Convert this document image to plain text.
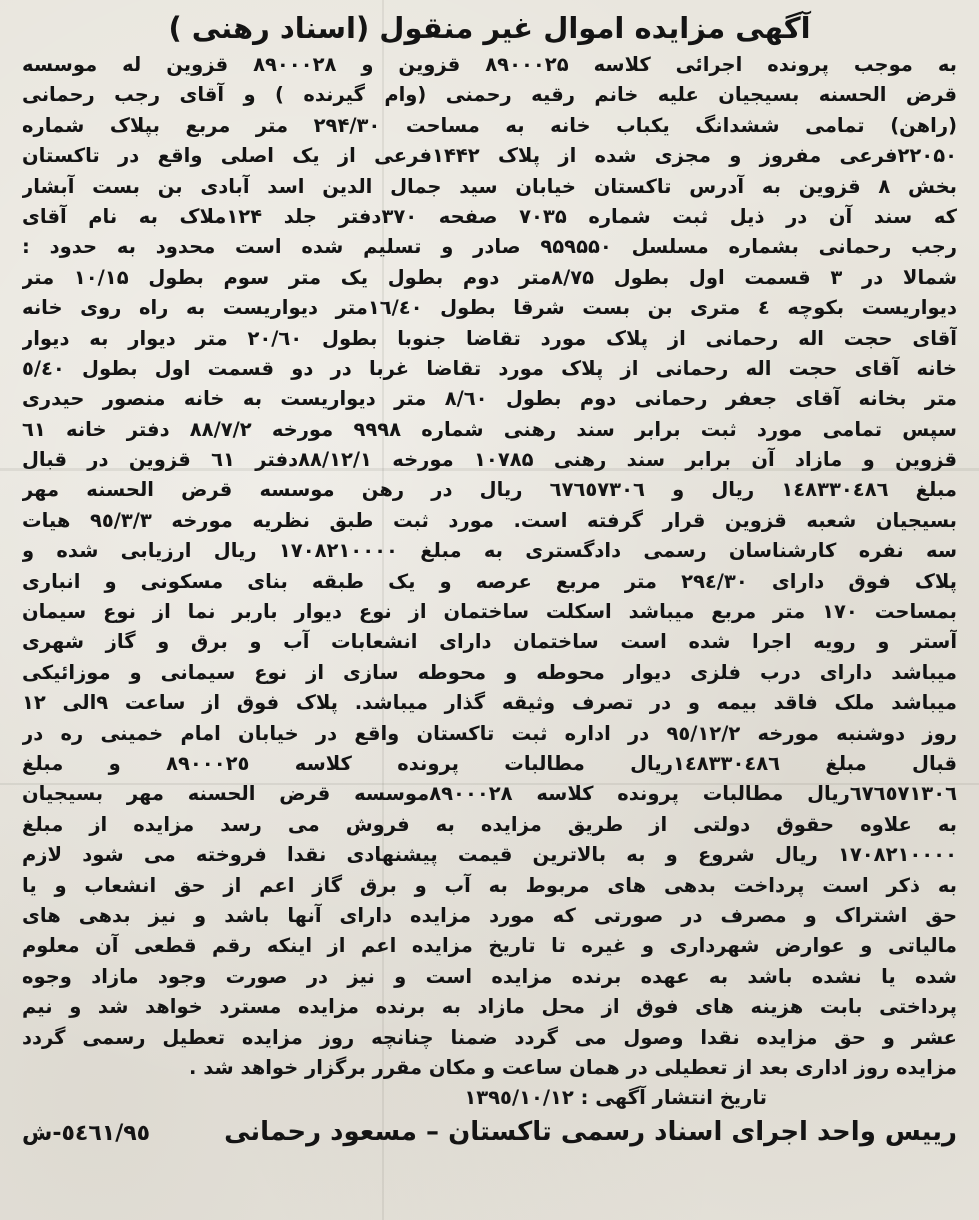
آگهی مزایده اموال غیر منقول (اسناد رهنی )
به موجب پرونده اجرائی کلاسه ۸۹۰۰۰۲۵ قزوین و ۸۹۰۰۰۲۸ قزوین له موسسه
قرض الحسنه بسیجیان علیه خانم رقیه رحمنی (وام گیرنده ) و آقای رجب رحمانی
(راهن) تمامی ششدانگ یکباب خانه به مساحت ۲۹۴/۳۰ متر مربع بپلاک شماره
۲۲۰۵۰فرعی مفروز و مجزی شده از پلاک ۱۴۴۲فرعی از یک اصلی واقع در تاکستان
بخش ۸ قزوین به آدرس تاکستان خیابان سید جمال الدین اسد آبادی بن بست آبشار
که سند آن در ذیل ثبت شماره ۷۰۳۵ صفحه ۳۷۰دفتر جلد ۱۲۴ملاک به نام آقای
رجب رحمانی بشماره مسلسل ۹۵۹۵۵۰ صادر و تسلیم شده است محدود به حدود :
شمالا در ۳ قسمت اول بطول ۸/۷۵متر دوم بطول یک متر سوم بطول ۱۰/۱۵ متر
دیواریست بکوچه ٤ متری بن بست شرقا بطول ۱٦/٤۰متر دیواریست به راه روی خانه
آقای حجت اله رحمانی از پلاک مورد تقاضا جنوبا بطول ۲۰/٦۰ متر دیوار به دیوار
خانه آقای حجت اله رحمانی از پلاک مورد تقاضا غربا در دو قسمت اول بطول ٥/٤۰
متر بخانه آقای جعفر رحمانی دوم بطول ۸/٦۰ متر دیواریست به خانه منصور حیدری
سپس تمامی مورد ثبت برابر سند رهنی شماره ۹۹۹۸ مورخه ۸۸/۷/۲ دفتر خانه ٦۱
قزوین و مازاد آن برابر سند رهنی ۱۰۷۸۵ مورخه ۸۸/۱۲/۱دفتر ٦۱ قزوین در قبال
مبلغ ۱٤۸۳۳۰٤۸٦ ریال و ٦٧٦٥٧۳۰٦ ریال در رهن موسسه قرض الحسنه مهر
بسیجیان شعبه قزوین قرار گرفته است. مورد ثبت طبق نظریه مورخه ۹٥/۳/۳ هیات
سه نفره کارشناسان رسمی دادگستری به مبلغ ۱۷۰۸۲۱۰۰۰۰ ریال ارزیابی شده و
پلاک فوق دارای ۲۹٤/۳۰ متر مربع عرصه و یک طبقه بنای مسکونی و انباری
بمساحت ۱۷۰ متر مربع میباشد اسکلت ساختمان از نوع دیوار باربر نما از نوع سیمان
آستر و رویه اجرا شده است ساختمان دارای انشعابات آب و برق و گاز شهری
میباشد دارای درب فلزی دیوار محوطه و محوطه سازی از نوع سیمانی و موزائیکی
میباشد ملک فاقد بیمه و در تصرف وثیقه گذار میباشد. پلاک فوق از ساعت ۹الی ۱۲
روز دوشنبه مورخه ۹٥/۱۲/۲ در اداره ثبت تاکستان واقع در خیابان امام خمینی ره در
قبال مبلغ ۱٤۸۳۳۰٤۸٦ریال مطالبات پرونده کلاسه ۸۹۰۰۰۲٥ و مبلغ
٦٧٦٥٧۱۳۰٦ریال مطالبات پرونده کلاسه ۸۹۰۰۰۲۸موسسه قرض الحسنه مهر بسیجیان
به علاوه حقوق دولتی از طریق مزایده به فروش می رسد مزایده از مبلغ
۱۷۰۸۲۱۰۰۰۰ ریال شروع و به بالاترین قیمت پیشنهادی نقدا فروخته می شود لازم
به ذکر است پرداخت بدهی های مربوط به آب و برق گاز اعم از حق انشعاب و یا
حق اشتراک و مصرف در صورتی که مورد مزایده دارای آنها باشد و نیز بدهی های
مالیاتی و عوارض شهرداری و غیره تا تاریخ مزایده اعم از اینکه رقم قطعی آن معلوم
شده یا نشده باشد به عهده برنده مزایده است و نیز در صورت وجود مازاد وجوه
پرداختی بابت هزینه های فوق از محل مازاد به برنده مزایده مسترد خواهد شد و نیم
عشر و حق مزایده نقدا وصول می گردد ضمنا چنانچه روز مزایده تعطیل رسمی گردد
مزایده روز اداری بعد از تعطیلی در همان ساعت و مکان مقرر برگزار خواهد شد .
تاریخ انتشار آگهی : ۱۳۹٥/۱۰/۱۲
رییس واحد اجرای اسناد رسمی تاکستان – مسعود رحمانی
٥٤٦۱/۹٥-ش
